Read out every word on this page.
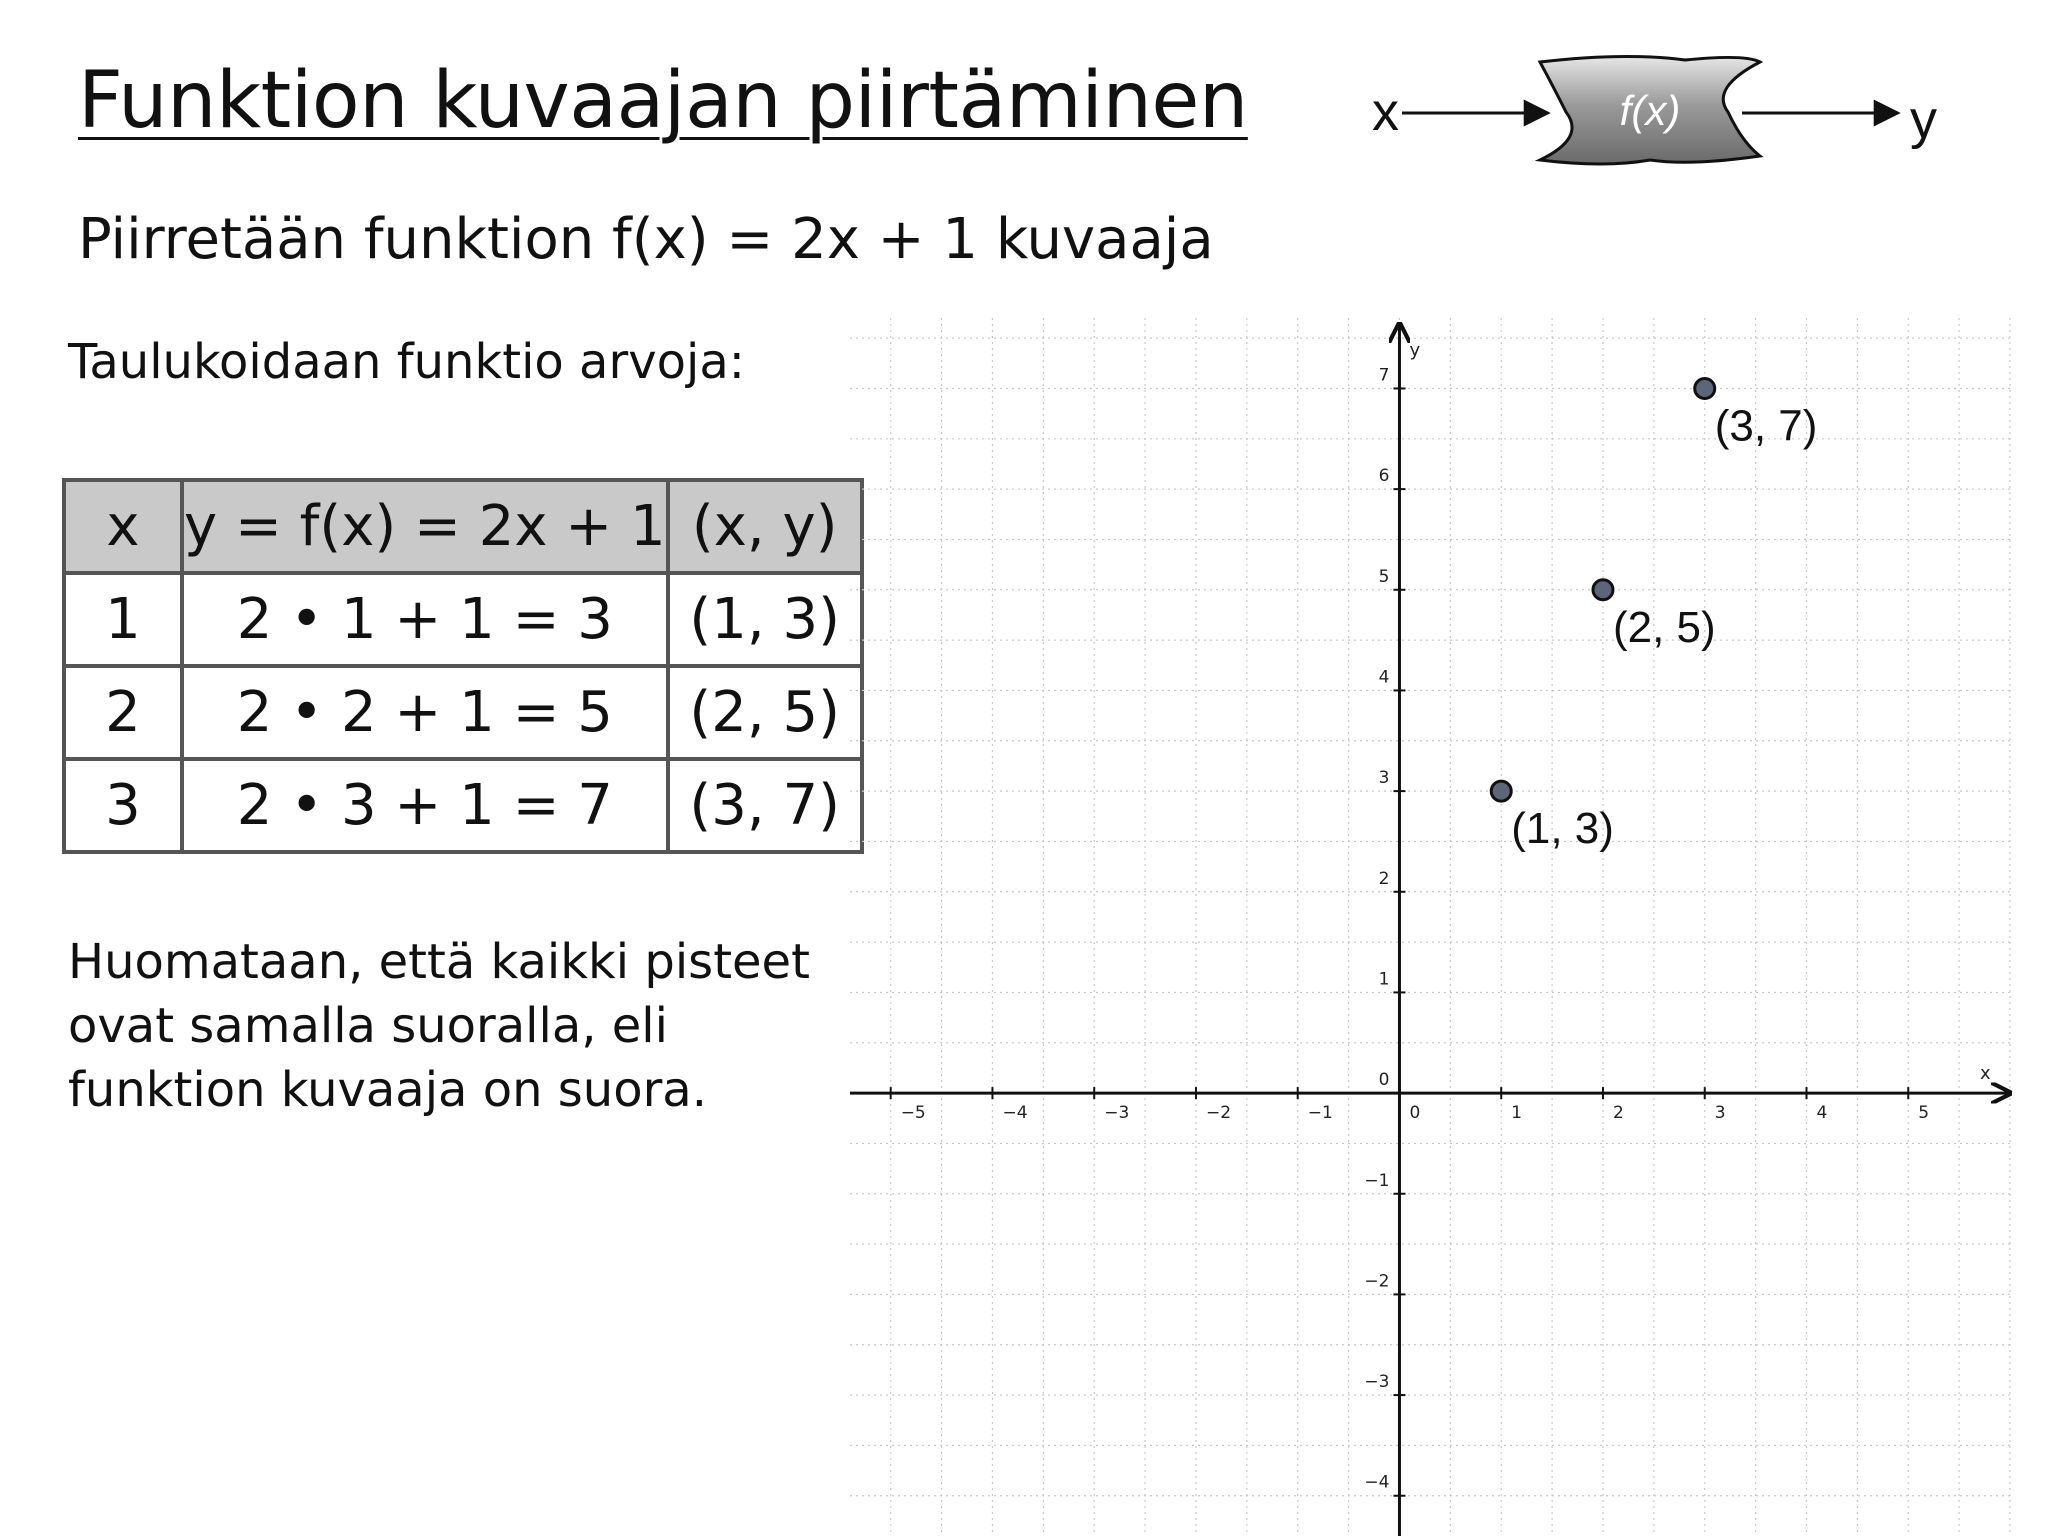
Funktion kuvaajan piirtäminen
Piirretään funktion f(x) = 2x + 1 kuvaaja
Taulukoidaan funktio arvoja:
x	y = f(x) = 2x + 1	(x, y)
1	2 • 1 + 1 = 3	(1, 3)
2	2 • 2 + 1 = 5	(2, 5)
3	2 • 3 + 1 = 7	(3, 7)
Huomataan, että kaikki pisteet ovat samalla suoralla, eli funktion kuvaaja on suora.
x	f(x)	y
−5	−4	−3	−2	−1	0	1	2	3	4	5
−4
−3
−2
−1
0
1
2
3
4
5
6
7
x
y
(1, 3)
(2, 5)
(3, 7)
